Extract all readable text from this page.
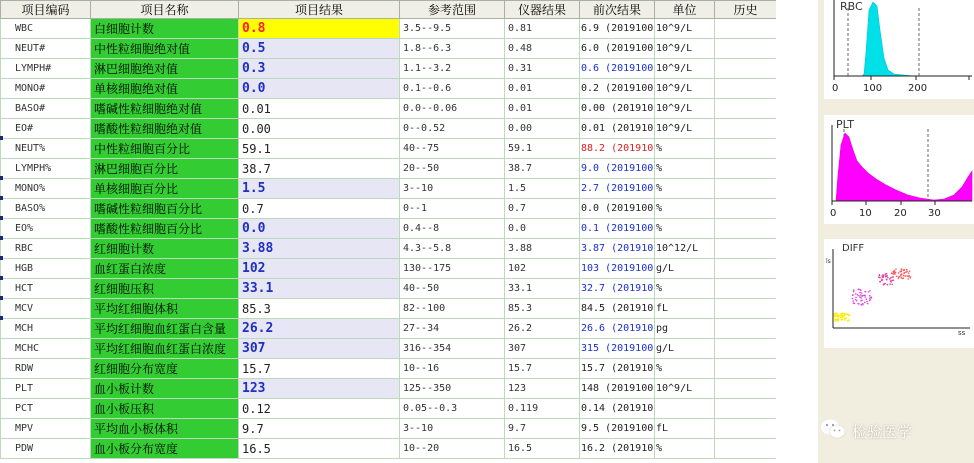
项目编码	项目名称	项目结果	参考范围	仪器结果	前次结果	单位	历史
WBC	白细胞计数	0.8	3.5--9.5	0.81	6.9 (2019100	10^9/L	
NEUT#	中性粒细胞绝对值	0.5	1.8--6.3	0.48	6.0 (2019100	10^9/L	
LYMPH#	淋巴细胞绝对值	0.3	1.1--3.2	0.31	0.6 (2019100	10^9/L	
MONO#	单核细胞绝对值	0.0	0.1--0.6	0.01	0.2 (2019100	10^9/L	
BASO#	嗜碱性粒细胞绝对值	0.01	0.0--0.06	0.01	0.00 (201910	10^9/L	
EO#	嗜酸性粒细胞绝对值	0.00	0--0.52	0.00	0.01 (201910	10^9/L	
NEUT%	中性粒细胞百分比	59.1	40--75	59.1	88.2 (201910	%	
LYMPH%	淋巴细胞百分比	38.7	20--50	38.7	9.0 (2019100	%	
MONO%	单核细胞百分比	1.5	3--10	1.5	2.7 (2019100	%	
BASO%	嗜碱性粒细胞百分比	0.7	0--1	0.7	0.0 (2019100	%	
EO%	嗜酸性粒细胞百分比	0.0	0.4--8	0.0	0.1 (2019100	%	
RBC	红细胞计数	3.88	4.3--5.8	3.88	3.87 (201910	10^12/L	
HGB	血红蛋白浓度	102	130--175	102	103 (2019100	g/L	
HCT	红细胞压积	33.1	40--50	33.1	32.7 (201910	%	
MCV	平均红细胞体积	85.3	82--100	85.3	84.5 (201910	fL	
MCH	平均红细胞血红蛋白含量	26.2	27--34	26.2	26.6 (201910	pg	
MCHC	平均红细胞血红蛋白浓度	307	316--354	307	315 (2019100	g/L	
RDW	红细胞分布宽度	15.7	10--16	15.7	15.7 (201910	%	
PLT	血小板计数	123	125--350	123	148 (2019100	10^9/L	
PCT	血小板压积	0.12	0.05--0.3	0.119	0.14 (201910		
MPV	平均血小板体积	9.7	3--10	9.7	9.5 (2019100	fL	
PDW	血小板分布宽度	16.5	10--20	16.5	16.2 (201910	%	
RBC
0 100	200
PLT
0 10 20 30
DIFF
ls
ss
检验医学
